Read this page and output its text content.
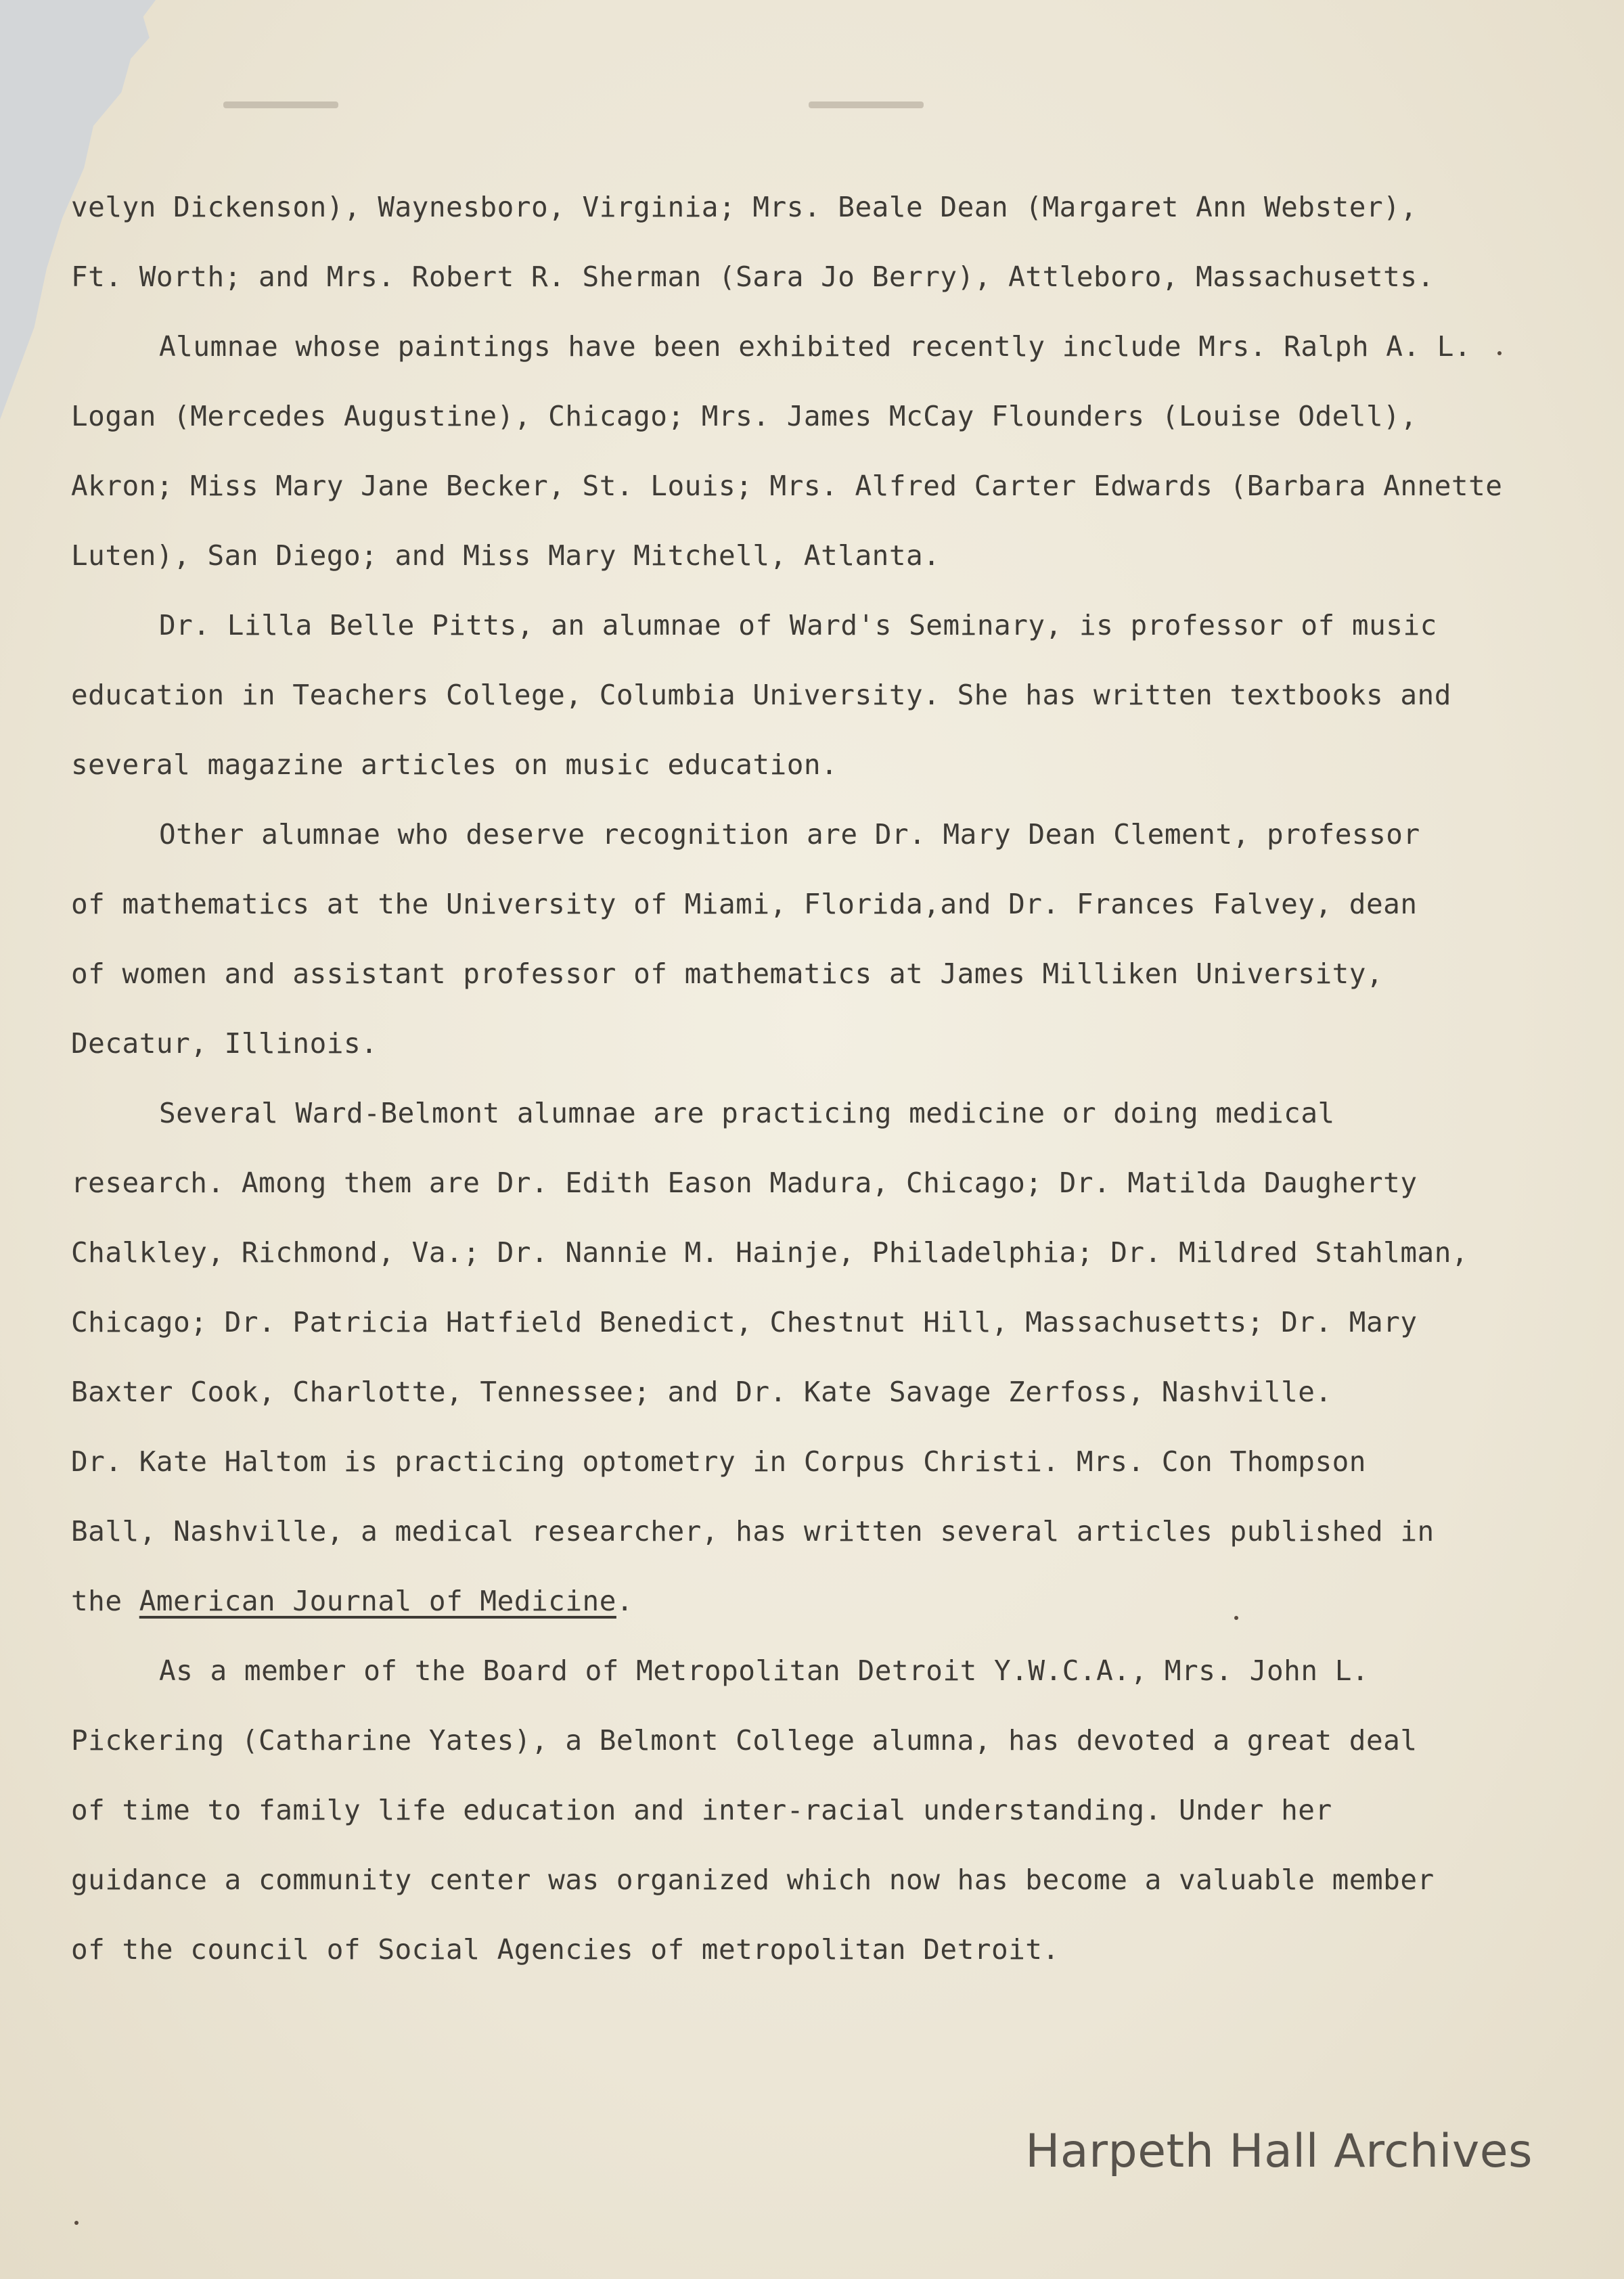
velyn Dickenson), Waynesboro, Virginia; Mrs. Beale Dean (Margaret Ann Webster),

Ft. Worth; and Mrs. Robert R. Sherman (Sara Jo Berry), Attleboro, Massachusetts.

Alumnae whose paintings have been exhibited recently include Mrs. Ralph A. L.

Logan (Mercedes Augustine), Chicago; Mrs. James McCay Flounders (Louise Odell),

Akron; Miss Mary Jane Becker, St. Louis; Mrs. Alfred Carter Edwards (Barbara Annette

Luten), San Diego; and Miss Mary Mitchell, Atlanta.

Dr. Lilla Belle Pitts, an alumnae of Ward's Seminary, is professor of music

education in Teachers College, Columbia University. She has written textbooks and

several magazine articles on music education.

Other alumnae who deserve recognition are Dr. Mary Dean Clement, professor

of mathematics at the University of Miami, Florida,and Dr. Frances Falvey, dean

of women and assistant professor of mathematics at James Milliken University,

Decatur, Illinois.

Several Ward-Belmont alumnae are practicing medicine or doing medical

research. Among them are Dr. Edith Eason Madura, Chicago; Dr. Matilda Daugherty

Chalkley, Richmond, Va.; Dr. Nannie M. Hainje, Philadelphia; Dr. Mildred Stahlman,

Chicago; Dr. Patricia Hatfield Benedict, Chestnut Hill, Massachusetts; Dr. Mary

Baxter Cook, Charlotte, Tennessee; and Dr. Kate Savage Zerfoss, Nashville.

Dr. Kate Haltom is practicing optometry in Corpus Christi. Mrs. Con Thompson

Ball, Nashville, a medical researcher, has written several articles published in

the American Journal of Medicine.

As a member of the Board of Metropolitan Detroit Y.W.C.A., Mrs. John L.

Pickering (Catharine Yates), a Belmont College alumna, has devoted a great deal

of time to family life education and inter-racial understanding. Under her

guidance a community center was organized which now has become a valuable member

of the council of Social Agencies of metropolitan Detroit.

Harpeth Hall Archives
